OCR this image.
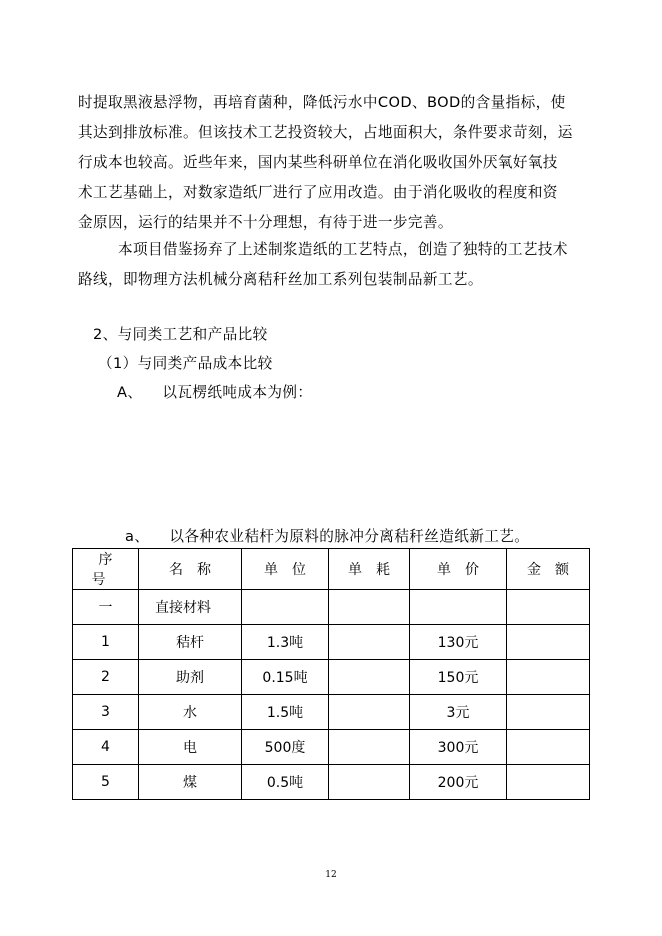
时提取黑液悬浮物，再培育菌种，降低污水中COD、BOD的含量指标，使
其达到排放标准。但该技术工艺投资较大，占地面积大，条件要求苛刻，运
行成本也较高。近些年来，国内某些科研单位在消化吸收国外厌氧好氧技
术工艺基础上，对数家造纸厂进行了应用改造。由于消化吸收的程度和资
金原因，运行的结果并不十分理想，有待于进一步完善。
本项目借鉴扬弃了上述制浆造纸的工艺特点，创造了独特的工艺技术
路线，即物理方法机械分离秸秆丝加工系列包装制品新工艺。
2、与同类工艺和产品比较
（1）与同类产品成本比较
A、 以瓦楞纸吨成本为例：
a、 以各种农业秸杆为原料的脉冲分离秸秆丝造纸新工艺。
序号	名称	单位	单耗	单价	金额
一	直接材料				
1	秸杆	1.3吨		130元	
2	助剂	0.15吨		150元	
3	水	1.5吨		3元	
4	电	500度		300元	
5	煤	0.5吨		200元	
12
